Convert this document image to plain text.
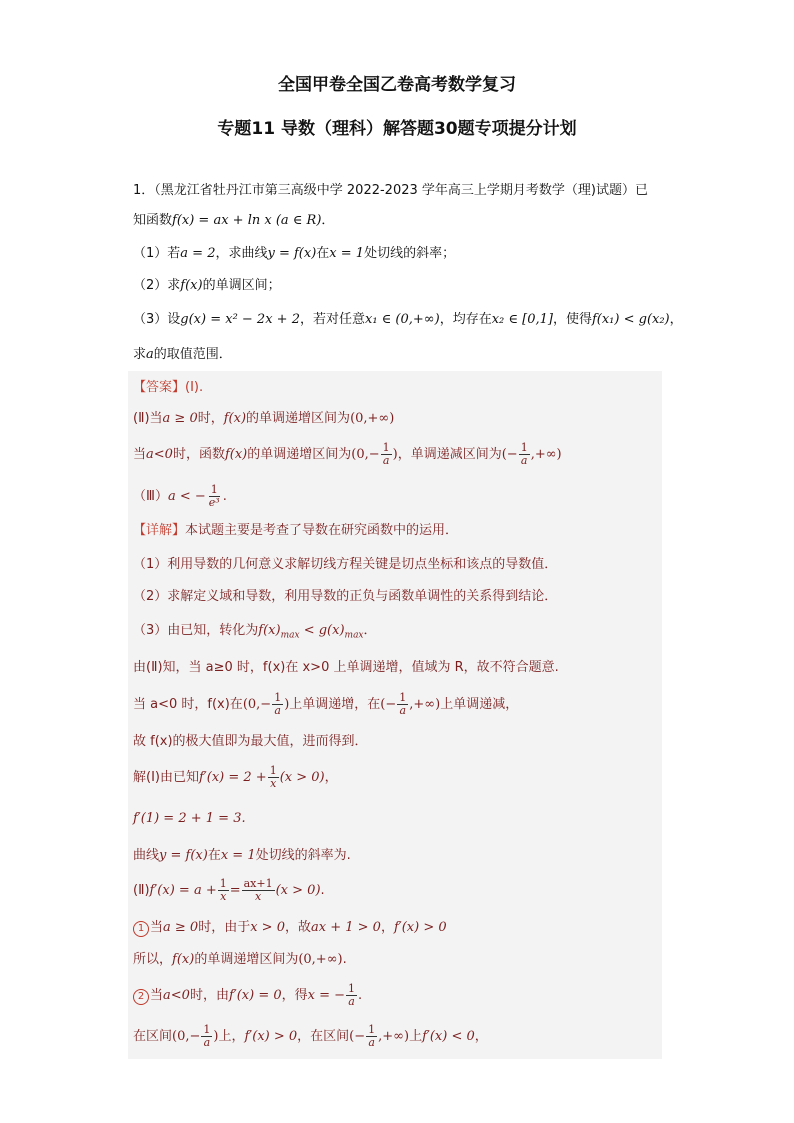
全国甲卷全国乙卷高考数学复习
专题11 导数（理科）解答题30题专项提分计划
1．（黑龙江省牡丹江市第三高级中学 2022-2023 学年高三上学期月考数学（理)试题）已
知函数f(x) = ax + ln x (a ∈ R)．
（1）若a = 2，求曲线y = f(x)在x = 1处切线的斜率；
（2）求f(x)的单调区间；
（3）设g(x) = x² − 2x + 2，若对任意x₁ ∈ (0,+∞)，均存在x₂ ∈ [0,1]，使得f(x₁) < g(x₂)，
求a的取值范围．
【答案】(Ⅰ).
(Ⅱ)当a ≥ 0时，f(x)的单调递增区间为(0,+∞)
当a<0时，函数f(x)的单调递增区间为($0,- \frac{1}{a}$ )，单调递减区间为(− $\frac{1}{a}$ ,+∞)
（Ⅲ）a < − $\frac{1}{\text{e³}}$ .
【详解】本试题主要是考查了导数在研究函数中的运用．
（1）利用导数的几何意义求解切线方程关键是切点坐标和该点的导数值．
（2）求解定义域和导数，利用导数的正负与函数单调性的关系得到结论．
（3）由已知，转化为$f(x)_{max} < g(x)_{max}$．
由(Ⅱ)知，当 a≥0 时，f(x)在 x>0 上单调递增，值域为 R，故不符合题意.
当 a<0 时，f(x)在($0,- \frac{1}{a}$ )上单调递增，在(− $\frac{1}{a}$ ,+∞)上单调递减，
故 f(x)的极大值即为最大值，进而得到．
解(Ⅰ)由已知$f'(x) = 2 + \frac{1}{x} (x > 0)$，
f′(1) = 2 + 1 = 3.
曲线y = f(x)在x = 1处切线的斜率为.
(Ⅱ)f′(x) = $a + \frac{1}{x} = \frac{ax+1}{x} (x > 0)$.
1 当a ≥ 0时，由于x > 0，故ax + 1 > 0，f′(x) > 0
所以，f(x)的单调递增区间为(0,+∞).
2 当a<0时，由f′(x) = 0，得x = − $\frac{1}{a}$ .
在区间($0,- \frac{1}{a}$ )上，f′(x) > 0，在区间(− $\frac{1}{a}$ ,+∞)上f′(x) < 0，
